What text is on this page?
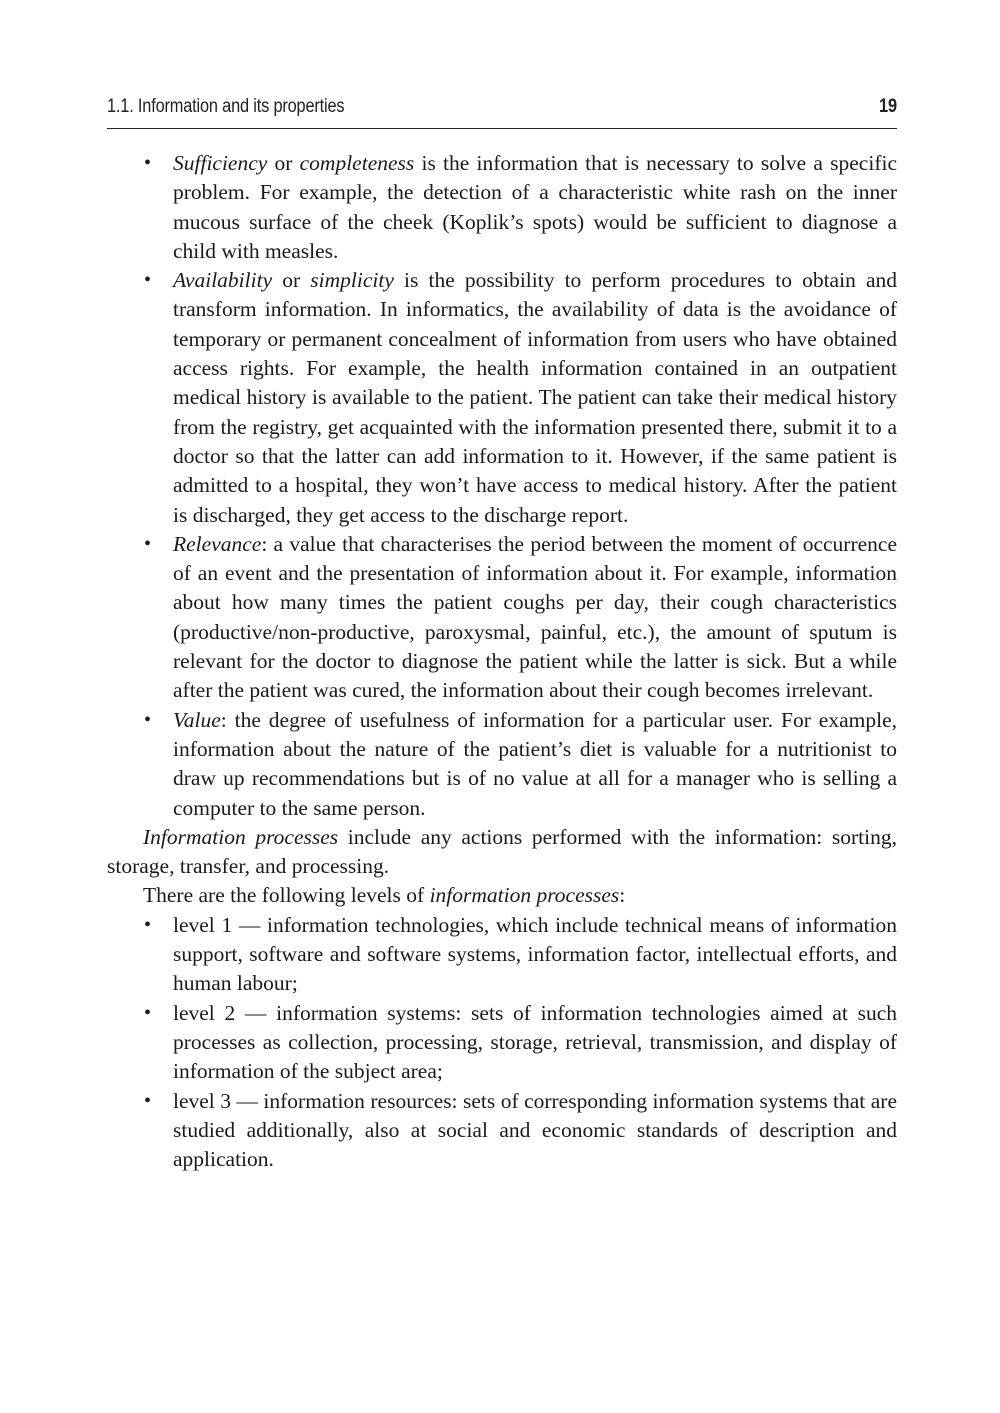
1.1. Information and its properties	19
• Sufficiency or completeness is the information that is necessary to solve a specific problem. For example, the detection of a characteristic white rash on the inner mucous surface of the cheek (Koplik’s spots) would be sufficient to diagnose a child with measles.
• Availability or simplicity is the possibility to perform procedures to obtain and transform information. In informatics, the availability of data is the avoidance of temporary or permanent concealment of information from users who have obtained access rights. For example, the health information contained in an outpatient medical history is available to the patient. The patient can take their medical history from the registry, get acquainted with the information presented there, submit it to a doctor so that the latter can add information to it. However, if the same patient is admitted to a hospital, they won’t have access to medical history. After the patient is discharged, they get access to the discharge report.
• Relevance: a value that characterises the period between the moment of occurrence of an event and the presentation of information about it. For example, information about how many times the patient coughs per day, their cough characteristics (productive/non-productive, paroxysmal, painful, etc.), the amount of sputum is relevant for the doctor to diagnose the patient while the latter is sick. But a while after the patient was cured, the information about their cough becomes irrelevant.
• Value: the degree of usefulness of information for a particular user. For example, information about the nature of the patient’s diet is valuable for a nutritionist to draw up recommendations but is of no value at all for a manager who is selling a computer to the same person.

Information processes include any actions performed with the information: sorting, storage, transfer, and processing.

There are the following levels of information processes:

• level 1 — information technologies, which include technical means of information support, software and software systems, information factor, intellectual efforts, and human labour;
• level 2 — information systems: sets of information technologies aimed at such processes as collection, processing, storage, retrieval, transmission, and display of information of the subject area;
• level 3 — information resources: sets of corresponding information systems that are studied additionally, also at social and economic standards of description and application.
